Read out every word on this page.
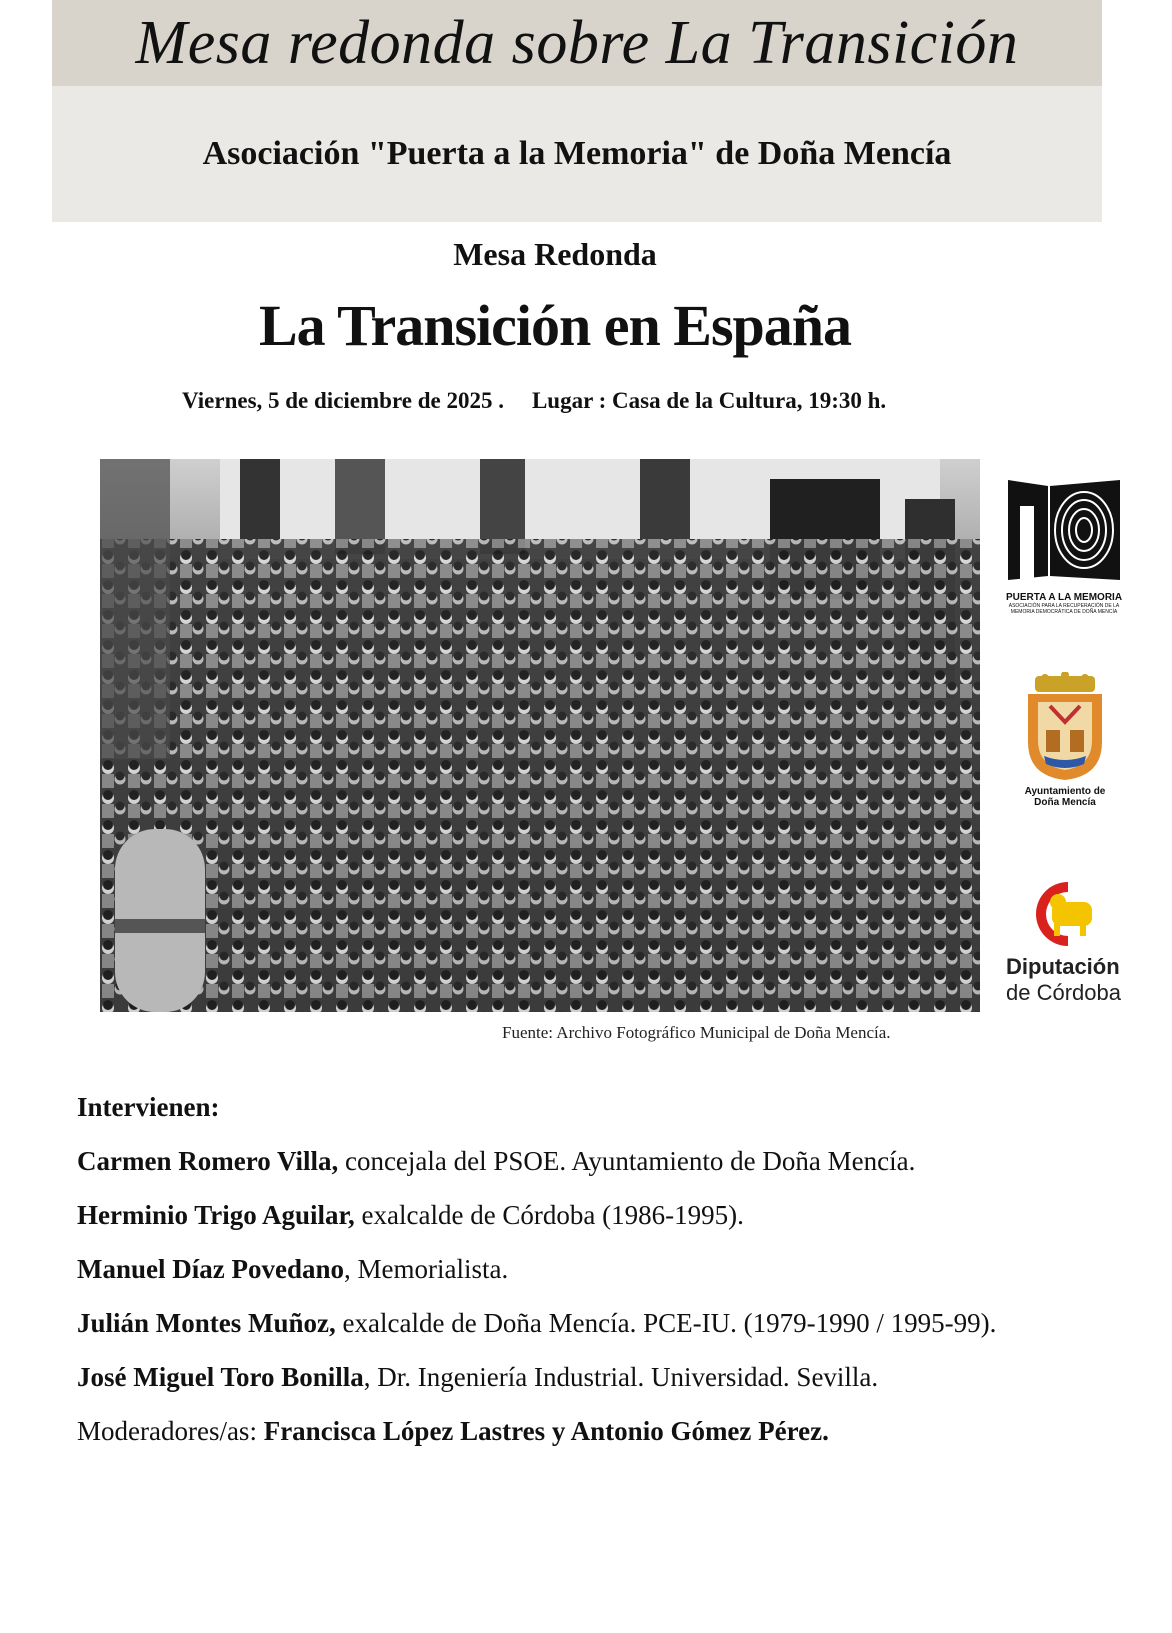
Mesa redonda sobre La Transición
Asociación "Puerta a la Memoria" de Doña Mencía
Mesa Redonda
La Transición en España
Viernes, 5 de diciembre de 2025 . Lugar : Casa de la Cultura, 19:30 h.
Fuente: Archivo Fotográfico Municipal de Doña Mencía.
PUERTA A LA MEMORIA
ASOCIACIÓN PARA LA RECUPERACIÓN DE LA MEMORIA DEMOCRÁTICA DE DOÑA MENCÍA
Ayuntamiento de
Doña Mencía
Diputación
de Córdoba
Intervienen:
Carmen Romero Villa, concejala del PSOE. Ayuntamiento de Doña Mencía.
Herminio Trigo Aguilar, exalcalde de Córdoba (1986-1995).
Manuel Díaz Povedano, Memorialista.
Julián Montes Muñoz, exalcalde de Doña Mencía. PCE-IU. (1979-1990 / 1995-99).
José Miguel Toro Bonilla, Dr. Ingeniería Industrial. Universidad. Sevilla.
Moderadores/as: Francisca López Lastres y Antonio Gómez Pérez.
